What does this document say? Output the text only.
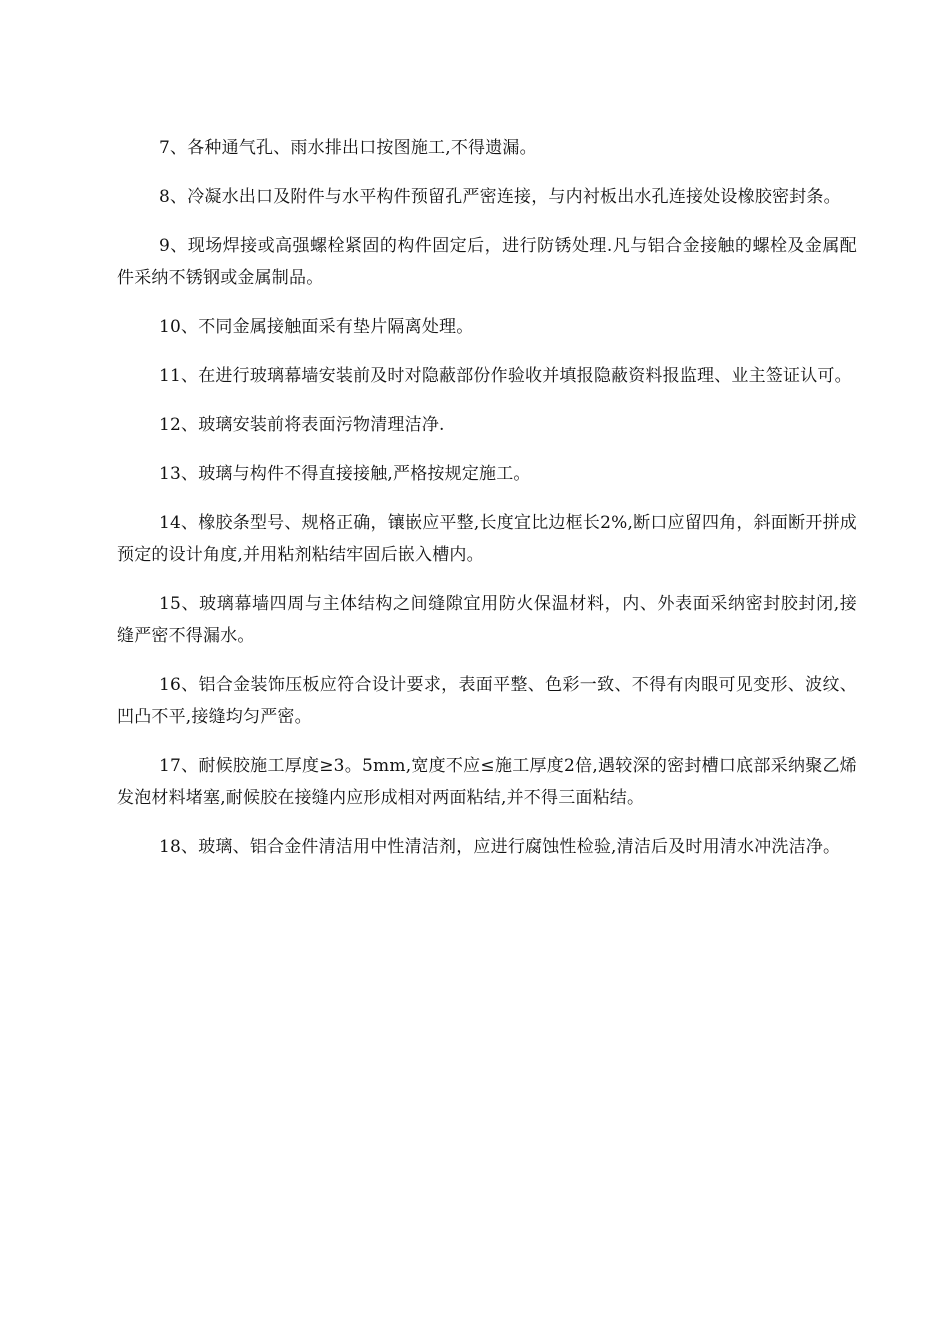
7、各种通气孔、雨水排出口按图施工,不得遗漏。

8、冷凝水出口及附件与水平构件预留孔严密连接，与内衬板出水孔连接处设橡胶密封条。

9、现场焊接或高强螺栓紧固的构件固定后，进行防锈处理.凡与铝合金接触的螺栓及金属配件采纳不锈钢或金属制品。

10、不同金属接触面采有垫片隔离处理。

11、在进行玻璃幕墙安装前及时对隐蔽部份作验收并填报隐蔽资料报监理、业主签证认可。

12、玻璃安装前将表面污物清理洁净.

13、玻璃与构件不得直接接触,严格按规定施工。

14、橡胶条型号、规格正确，镶嵌应平整,长度宜比边框长2%,断口应留四角，斜面断开拼成预定的设计角度,并用粘剂粘结牢固后嵌入槽内。

15、玻璃幕墙四周与主体结构之间缝隙宜用防火保温材料，内、外表面采纳密封胶封闭,接缝严密不得漏水。

16、铝合金装饰压板应符合设计要求，表面平整、色彩一致、不得有肉眼可见变形、波纹、凹凸不平,接缝均匀严密。

17、耐候胶施工厚度≥3。5mm,宽度不应≤施工厚度2倍,遇较深的密封槽口底部采纳聚乙烯发泡材料堵塞,耐候胶在接缝内应形成相对两面粘结,并不得三面粘结。

18、玻璃、铝合金件清洁用中性清洁剂，应进行腐蚀性检验,清洁后及时用清水冲洗洁净。
